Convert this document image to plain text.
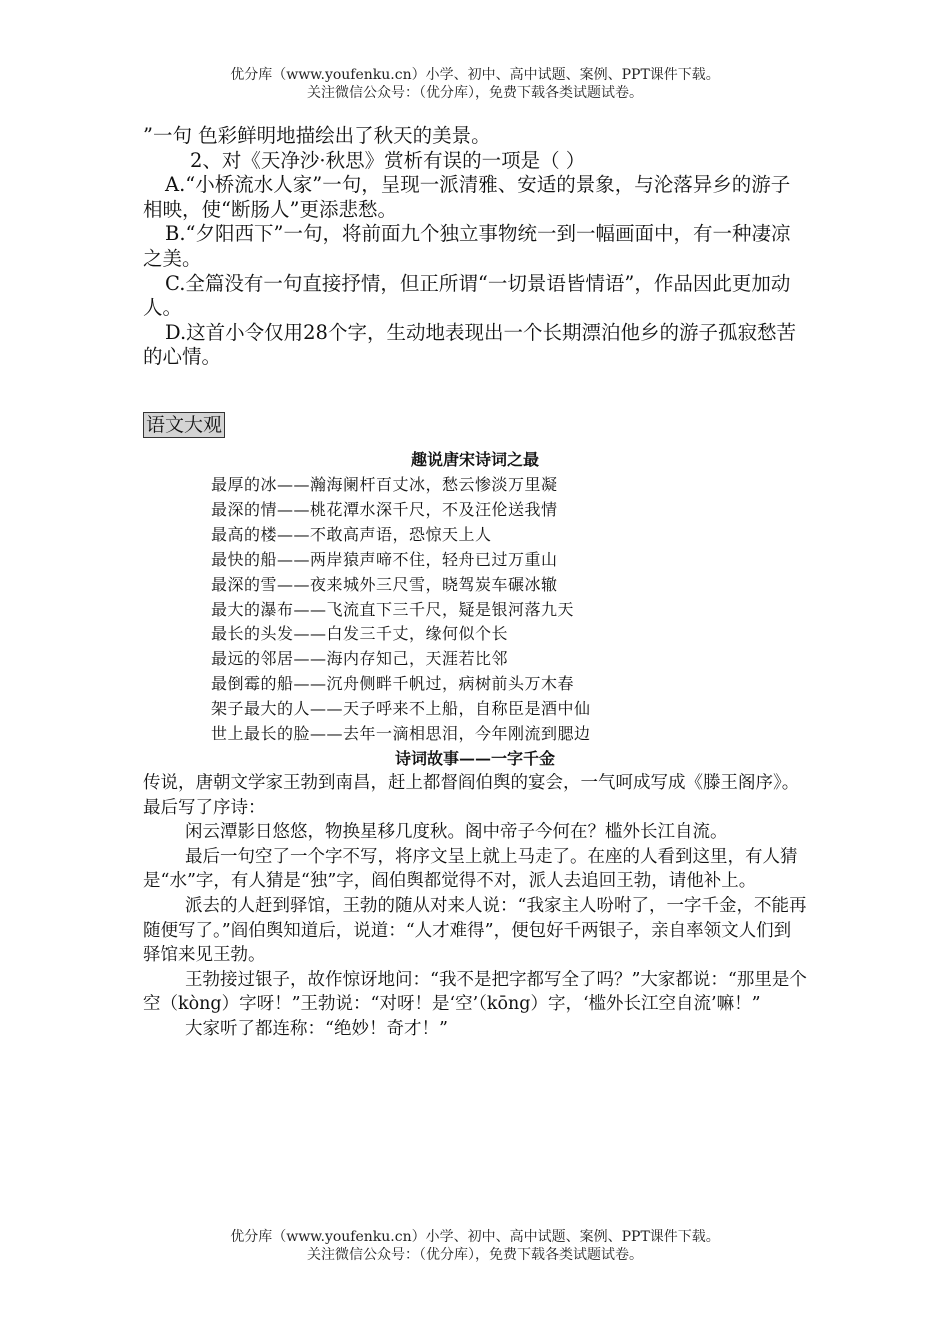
优分库（www.youfenku.cn）小学、初中、高中试题、案例、PPT课件下载。
关注微信公众号：（优分库），免费下载各类试题试卷。

”一句 色彩鲜明地描绘出了秋天的美景。

2、对《天净沙·秋思》赏析有误的一项是（ ）

A.“小桥流水人家”一句，呈现一派清雅、安适的景象，与沦落异乡的游子相映，使“断肠人”更添悲愁。

B.“夕阳西下”一句，将前面九个独立事物统一到一幅画面中，有一种凄凉之美。

C.全篇没有一句直接抒情，但正所谓“一切景语皆情语”，作品因此更加动人。

D.这首小令仅用28个字，生动地表现出一个长期漂泊他乡的游子孤寂愁苦的心情。

语文大观
趣说唐宋诗词之最
最厚的冰——瀚海阑杆百丈冰，愁云惨淡万里凝
最深的情——桃花潭水深千尺，不及汪伦送我情
最高的楼——不敢高声语，恐惊天上人
最快的船——两岸猿声啼不住，轻舟已过万重山
最深的雪——夜来城外三尺雪，晓驾炭车碾冰辙
最大的瀑布——飞流直下三千尺，疑是银河落九天
最长的头发——白发三千丈，缘何似个长
最远的邻居——海内存知己，天涯若比邻
最倒霉的船——沉舟侧畔千帆过，病树前头万木春
架子最大的人——天子呼来不上船，自称臣是酒中仙
世上最长的脸——去年一滴相思泪，今年刚流到腮边
诗词故事——一字千金

传说，唐朝文学家王勃到南昌，赶上都督阎伯舆的宴会，一气呵成写成《滕王阁序》。最后写了序诗：

闲云潭影日悠悠，物换星移几度秋。阁中帝子今何在？槛外长江自流。

最后一句空了一个字不写，将序文呈上就上马走了。在座的人看到这里，有人猜是“水”字，有人猜是“独”字，阎伯舆都觉得不对，派人去追回王勃，请他补上。

派去的人赶到驿馆，王勃的随从对来人说：“我家主人吩咐了，一字千金，不能再随便写了。”阎伯舆知道后，说道：“人才难得”，便包好千两银子，亲自率领文人们到驿馆来见王勃。

王勃接过银子，故作惊讶地问：“我不是把字都写全了吗？”大家都说：“那里是个空（kòng）字呀！”王勃说：“对呀！是‘空’（kōng）字，‘槛外长江空自流’嘛！”

大家听了都连称：“绝妙！奇才！”

优分库（www.youfenku.cn）小学、初中、高中试题、案例、PPT课件下载。
关注微信公众号：（优分库），免费下载各类试题试卷。
